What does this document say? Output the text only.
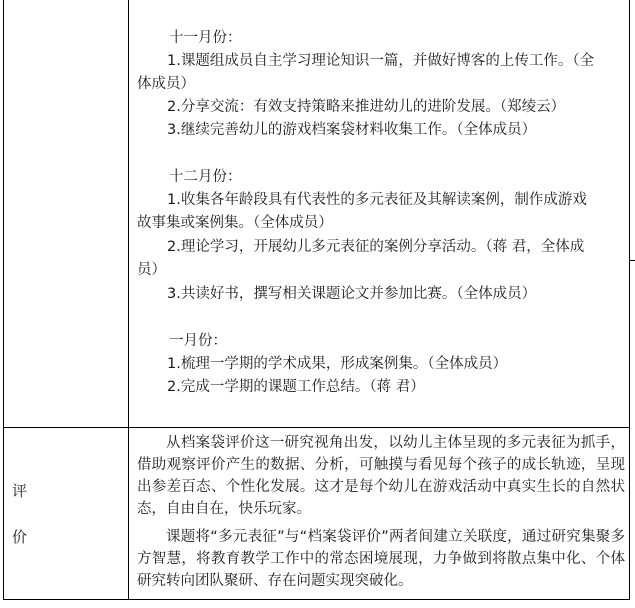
十一月份：
1.课题组成员自主学习理论知识一篇，并做好博客的上传工作。（全
体成员）
2.分享交流：有效支持策略来推进幼儿的进阶发展。（郑绫云）
3.继续完善幼儿的游戏档案袋材料收集工作。（全体成员）
十二月份：
1.收集各年龄段具有代表性的多元表征及其解读案例，制作成游戏
故事集或案例集。（全体成员）
2.理论学习，开展幼儿多元表征的案例分享活动。（蒋 君，全体成
员）
3.共读好书，撰写相关课题论文并参加比赛。（全体成员）
一月份：
1.梳理一学期的学术成果，形成案例集。（全体成员）
2.完成一学期的课题工作总结。（蒋 君）
评
价
从档案袋评价这一研究视角出发，以幼儿主体呈现的多元表征为抓手，借助观察评价产生的数据、分析，可触摸与看见每个孩子的成长轨迹，呈现出参差百态、个性化发展。这才是每个幼儿在游戏活动中真实生长的自然状态，自由自在，快乐玩家。
课题将“多元表征”与“档案袋评价”两者间建立关联度，通过研究集聚多方智慧，将教育教学工作中的常态困境展现，力争做到将散点集中化、个体研究转向团队聚研、存在问题实现突破化。
